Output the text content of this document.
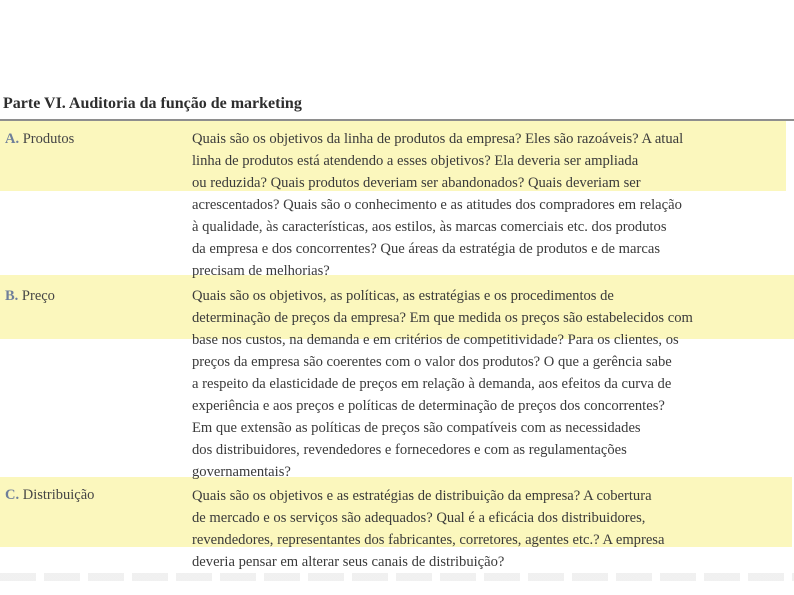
Parte VI. Auditoria da função de marketing
A. Produtos	Quais são os objetivos da linha de produtos da empresa? Eles são razoáveis? A atual
linha de produtos está atendendo a esses objetivos? Ela deveria ser ampliada
ou reduzida? Quais produtos deveriam ser abandonados? Quais deveriam ser
acrescentados? Quais são o conhecimento e as atitudes dos compradores em relação
à qualidade, às características, aos estilos, às marcas comerciais etc. dos produtos
da empresa e dos concorrentes? Que áreas da estratégia de produtos e de marcas
precisam de melhorias?
B. Preço	Quais são os objetivos, as políticas, as estratégias e os procedimentos de
determinação de preços da empresa? Em que medida os preços são estabelecidos com
base nos custos, na demanda e em critérios de competitividade? Para os clientes, os
preços da empresa são coerentes com o valor dos produtos? O que a gerência sabe
a respeito da elasticidade de preços em relação à demanda, aos efeitos da curva de
experiência e aos preços e políticas de determinação de preços dos concorrentes?
Em que extensão as políticas de preços são compatíveis com as necessidades
dos distribuidores, revendedores e fornecedores e com as regulamentações
governamentais?
C. Distribuição	Quais são os objetivos e as estratégias de distribuição da empresa? A cobertura
de mercado e os serviços são adequados? Qual é a eficácia dos distribuidores,
revendedores, representantes dos fabricantes, corretores, agentes etc.? A empresa
deveria pensar em alterar seus canais de distribuição?
